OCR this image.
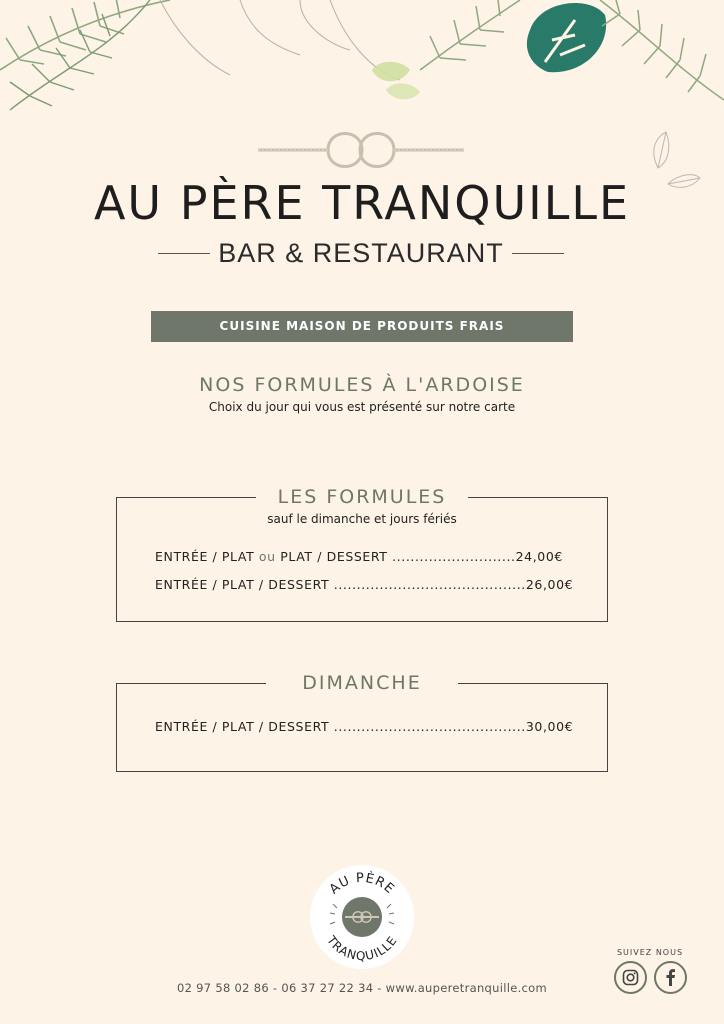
AU PÈRE TRANQUILLE
BAR & RESTAURANT
CUISINE MAISON DE PRODUITS FRAIS
NOS FORMULES À L'ARDOISE
Choix du jour qui vous est présenté sur notre carte
LES FORMULES
sauf le dimanche et jours fériés
ENTRÉE / PLAT ou PLAT / DESSERT ...........................24,00€
ENTRÉE / PLAT / DESSERT ..........................................26,00€
DIMANCHE
ENTRÉE / PLAT / DESSERT ..........................................30,00€
AU PÈRE
TRANQUILLE
02 97 58 02 86 - 06 37 27 22 34 - www.auperetranquille.com
SUIVEZ NOUS
